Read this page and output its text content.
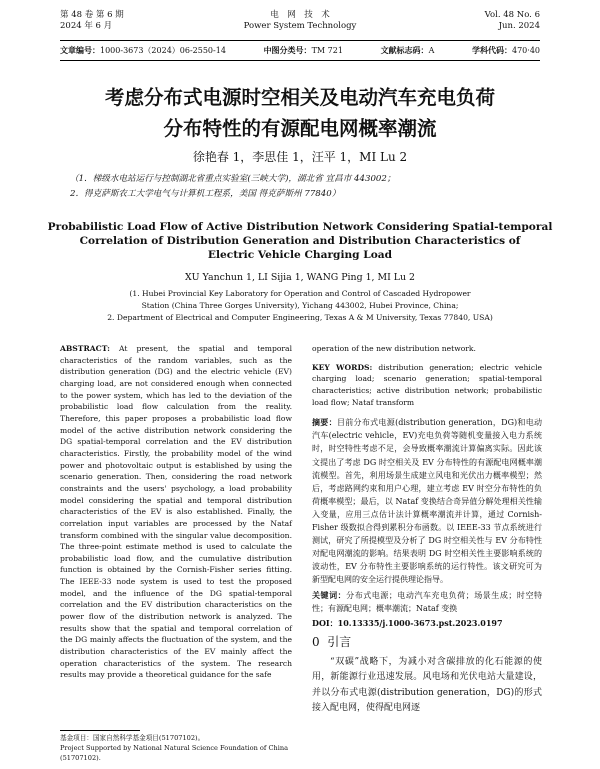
第 48 卷 第 6 期
2024 年 6 月
电　网　技　术
Power System Technology
Vol. 48 No. 6
Jun. 2024
文章编号：1000-3673（2024）06-2550-14	中图分类号：TM 721	文献标志码：A	学科代码：470·40
考虑分布式电源时空相关及电动汽车充电负荷
分布特性的有源配电网概率潮流
徐艳春 1，李思佳 1，汪平 1，MI Lu 2
（1．梯级水电站运行与控制湖北省重点实验室(三峡大学)，湖北省 宜昌市 443002；
2．得克萨斯农工大学电气与计算机工程系，美国 得克萨斯州 77840）
Probabilistic Load Flow of Active Distribution Network Considering Spatial-temporal
Correlation of Distribution Generation and Distribution Characteristics of
Electric Vehicle Charging Load
XU Yanchun 1, LI Sijia 1, WANG Ping 1, MI Lu 2
(1. Hubei Provincial Key Laboratory for Operation and Control of Cascaded Hydropower
Station (China Three Gorges University), Yichang 443002, Hubei Province, China;
2. Department of Electrical and Computer Engineering, Texas A & M University, Texas 77840, USA)
ABSTRACT: At present, the spatial and temporal characteristics of the random variables, such as the distribution generation (DG) and the electric vehicle (EV) charging load, are not considered enough when connected to the power system, which has led to the deviation of the probabilistic load flow calculation from the reality. Therefore, this paper proposes a probabilistic load flow model of the active distribution network considering the DG spatial-temporal correlation and the EV distribution characteristics. Firstly, the probability model of the wind power and photovoltaic output is established by using the scenario generation. Then, considering the road network constraints and the users' psychology, a load probability model considering the spatial and temporal distribution characteristics of the EV is also established. Finally, the correlation input variables are processed by the Nataf transform combined with the singular value decomposition. The three-point estimate method is used to calculate the probabilistic load flow, and the cumulative distribution function is obtained by the Cornish-Fisher series fitting. The IEEE-33 node system is used to test the proposed model, and the influence of the DG spatial-temporal correlation and the EV distribution characteristics on the power flow of the distribution network is analyzed. The results show that the spatial and temporal correlation of the DG mainly affects the fluctuation of the system, and the distribution characteristics of the EV mainly affect the operation characteristics of the system. The research results may provide a theoretical guidance for the safe
基金项目：国家自然科学基金项目(51707102)。
Project Supported by National Natural Science Foundation of China
(51707102).
operation of the new distribution network.
KEY WORDS: distribution generation; electric vehicle charging load; scenario generation; spatial-temporal characteristics; active distribution network; probabilistic load flow; Nataf transform
摘要：目前分布式电源(distribution generation，DG)和电动汽车(electric vehicle，EV)充电负荷等随机变量接入电力系统时，时空特性考虑不足，会导致概率潮流计算偏离实际。因此该文提出了考虑 DG 时空相关及 EV 分布特性的有源配电网概率潮流模型。首先，利用场景生成建立风电和光伏出力概率模型；然后，考虑路网约束和用户心理，建立考虑 EV 时空分布特性的负荷概率模型；最后，以 Nataf 变换结合奇异值分解处理相关性输入变量，应用三点估计法计算概率潮流并计算，通过 Cornish-Fisher 级数拟合得到累积分布函数。以 IEEE-33 节点系统进行测试，研究了所提模型及分析了 DG 时空相关性与 EV 分布特性对配电网潮流的影响。结果表明 DG 时空相关性主要影响系统的波动性，EV 分布特性主要影响系统的运行特性。该文研究可为新型配电网的安全运行提供理论指导。
关键词：分布式电源；电动汽车充电负荷；场景生成；时空特性；有源配电网；概率潮流；Nataf 变换
DOI：10.13335/j.1000-3673.pst.2023.0197
0 引言
“双碳”战略下，为减小对含碳排放的化石能源的使用，新能源行业迅速发展。风电场和光伏电站大量建设，并以分布式电源(distribution generation，DG)的形式接入配电网，使得配电网逐
